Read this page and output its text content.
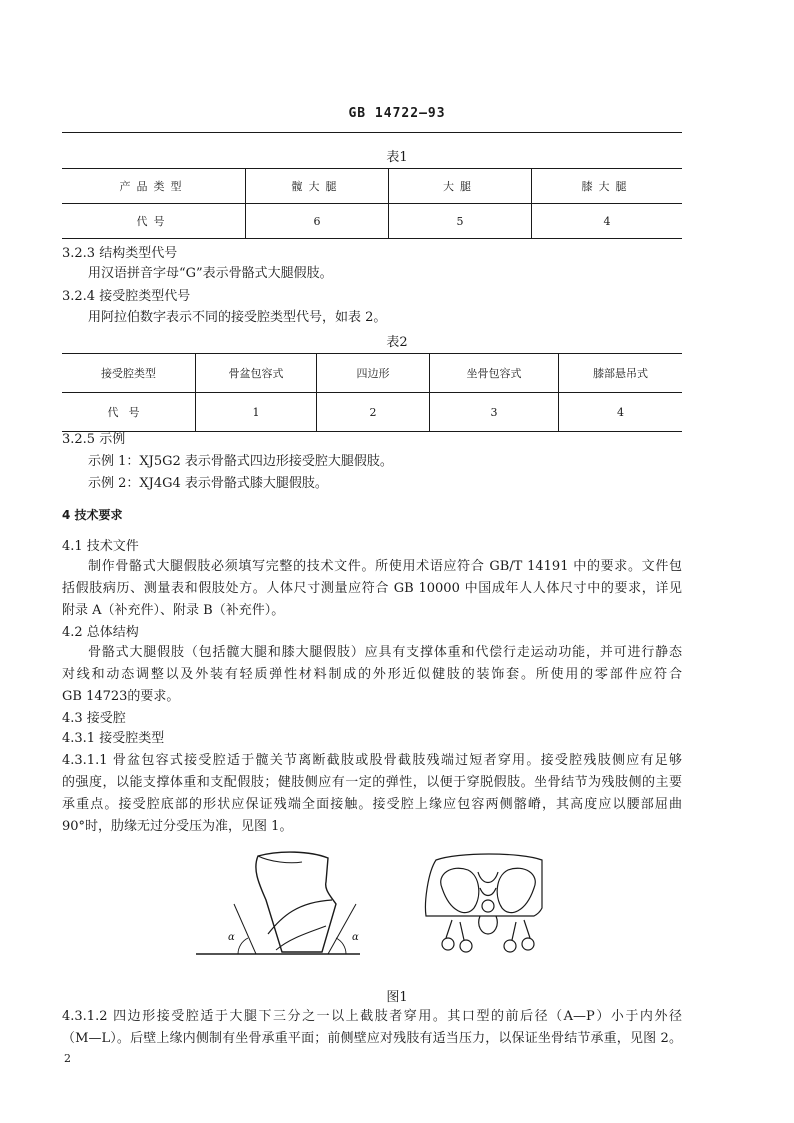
GB 14722—93
表1
产品类型	髋大腿	大腿	膝大腿
代号	6	5	4
3.2.3 结构类型代号
用汉语拼音字母“G”表示骨骼式大腿假肢。
3.2.4 接受腔类型代号
用阿拉伯数字表示不同的接受腔类型代号，如表 2。
表2
接受腔类型	骨盆包容式	四边形	坐骨包容式	膝部悬吊式
代号	1	2	3	4
3.2.5 示例
示例 1：XJ5G2 表示骨骼式四边形接受腔大腿假肢。
示例 2：XJ4G4 表示骨骼式膝大腿假肢。
4 技术要求
4.1 技术文件
制作骨骼式大腿假肢必须填写完整的技术文件。所使用术语应符合 GB/T 14191 中的要求。文件包
括假肢病历、测量表和假肢处方。人体尺寸测量应符合 GB 10000 中国成年人人体尺寸中的要求，详见
附录 A（补充件）、附录 B（补充件）。
4.2 总体结构
骨骼式大腿假肢（包括髋大腿和膝大腿假肢）应具有支撑体重和代偿行走运动功能，并可进行静态
对线和动态调整以及外装有轻质弹性材料制成的外形近似健肢的装饰套。所使用的零部件应符合
GB 14723的要求。
4.3 接受腔
4.3.1 接受腔类型
4.3.1.1 骨盆包容式接受腔适于髋关节离断截肢或股骨截肢残端过短者穿用。接受腔残肢侧应有足够
的强度，以能支撑体重和支配假肢；健肢侧应有一定的弹性，以便于穿脱假肢。坐骨结节为残肢侧的主要
承重点。接受腔底部的形状应保证残端全面接触。接受腔上缘应包容两侧髂嵴，其高度应以腰部屈曲
90°时，肋缘无过分受压为准，见图 1。
α	α
图1
4.3.1.2 四边形接受腔适于大腿下三分之一以上截肢者穿用。其口型的前后径（A—P）小于内外径
（M—L）。后壁上缘内侧制有坐骨承重平面；前侧壁应对残肢有适当压力，以保证坐骨结节承重，见图 2。
2
